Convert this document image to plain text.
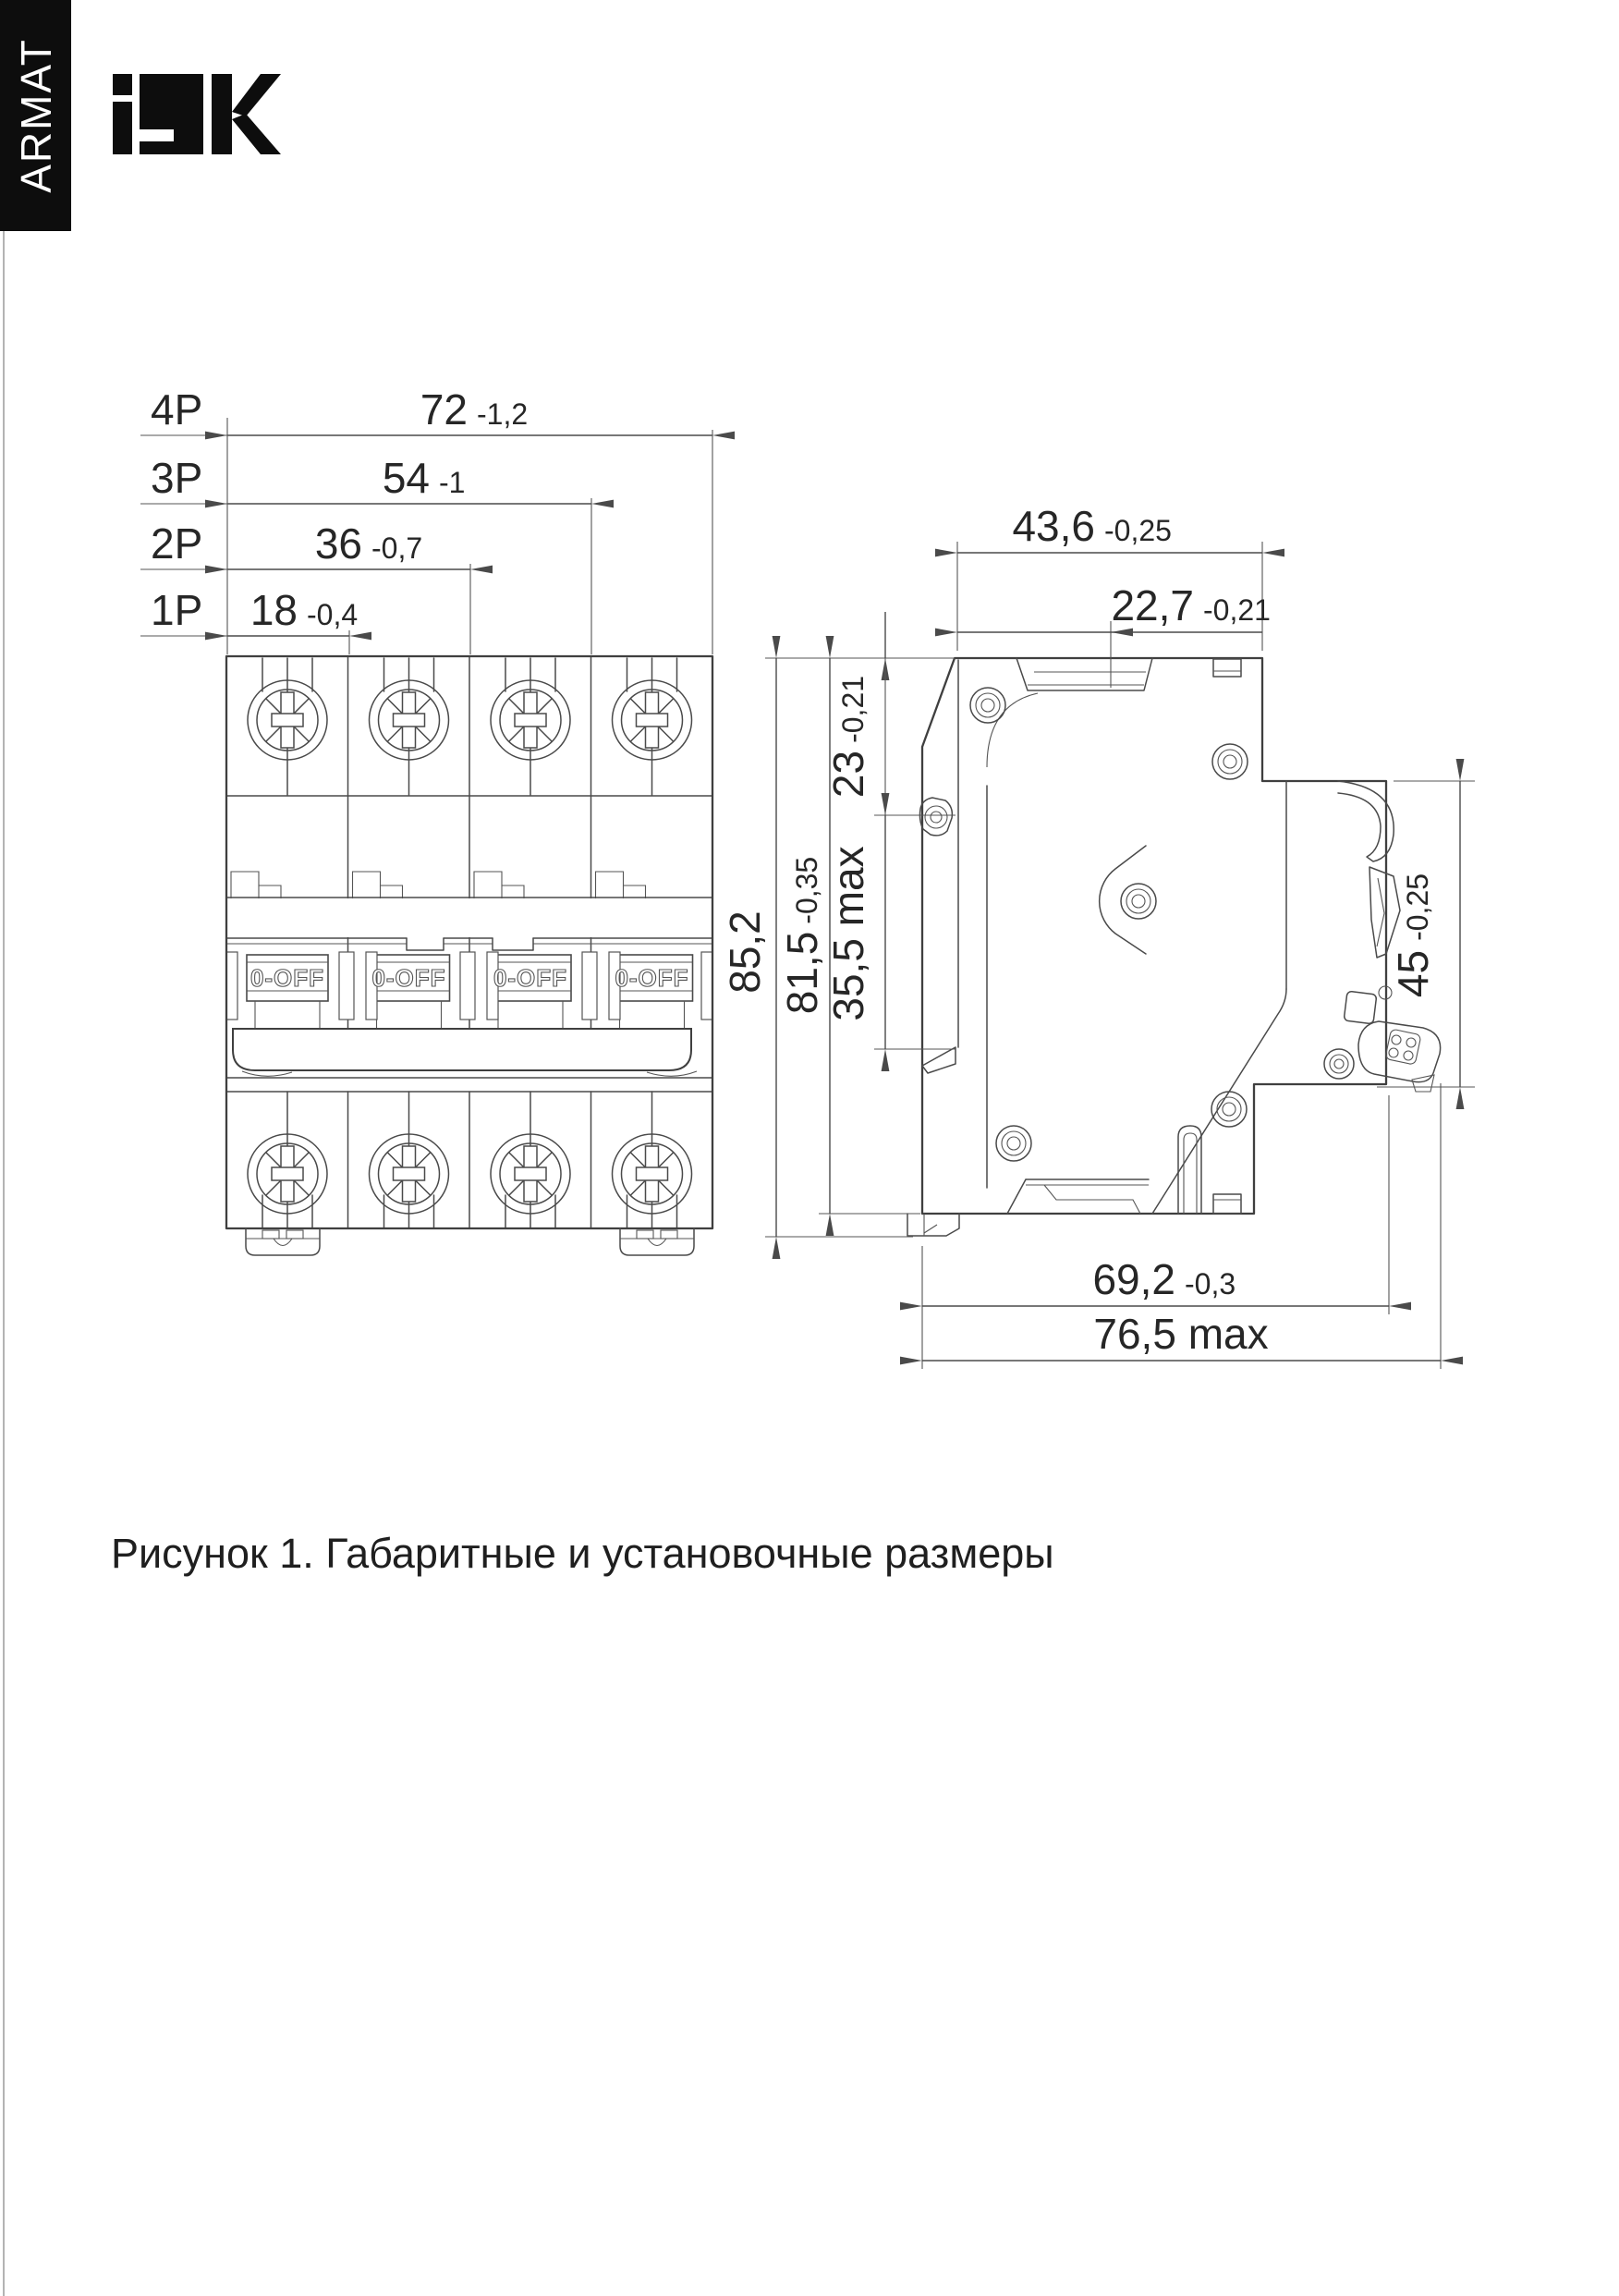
ARMAT
4P	72 -1,2
3P	54 -1
2P	36 -0,7
1P 18 -0,4
0-OFF 0-OFF 0-OFF 0-OFF
43,6 -0,25
22,7 -0,21
85,2 81,5-0,35
23-0,21
35,5 max	45-0,25
69,2 -0,3
76,5 max
Рисунок 1. Габаритные и установочные размеры
